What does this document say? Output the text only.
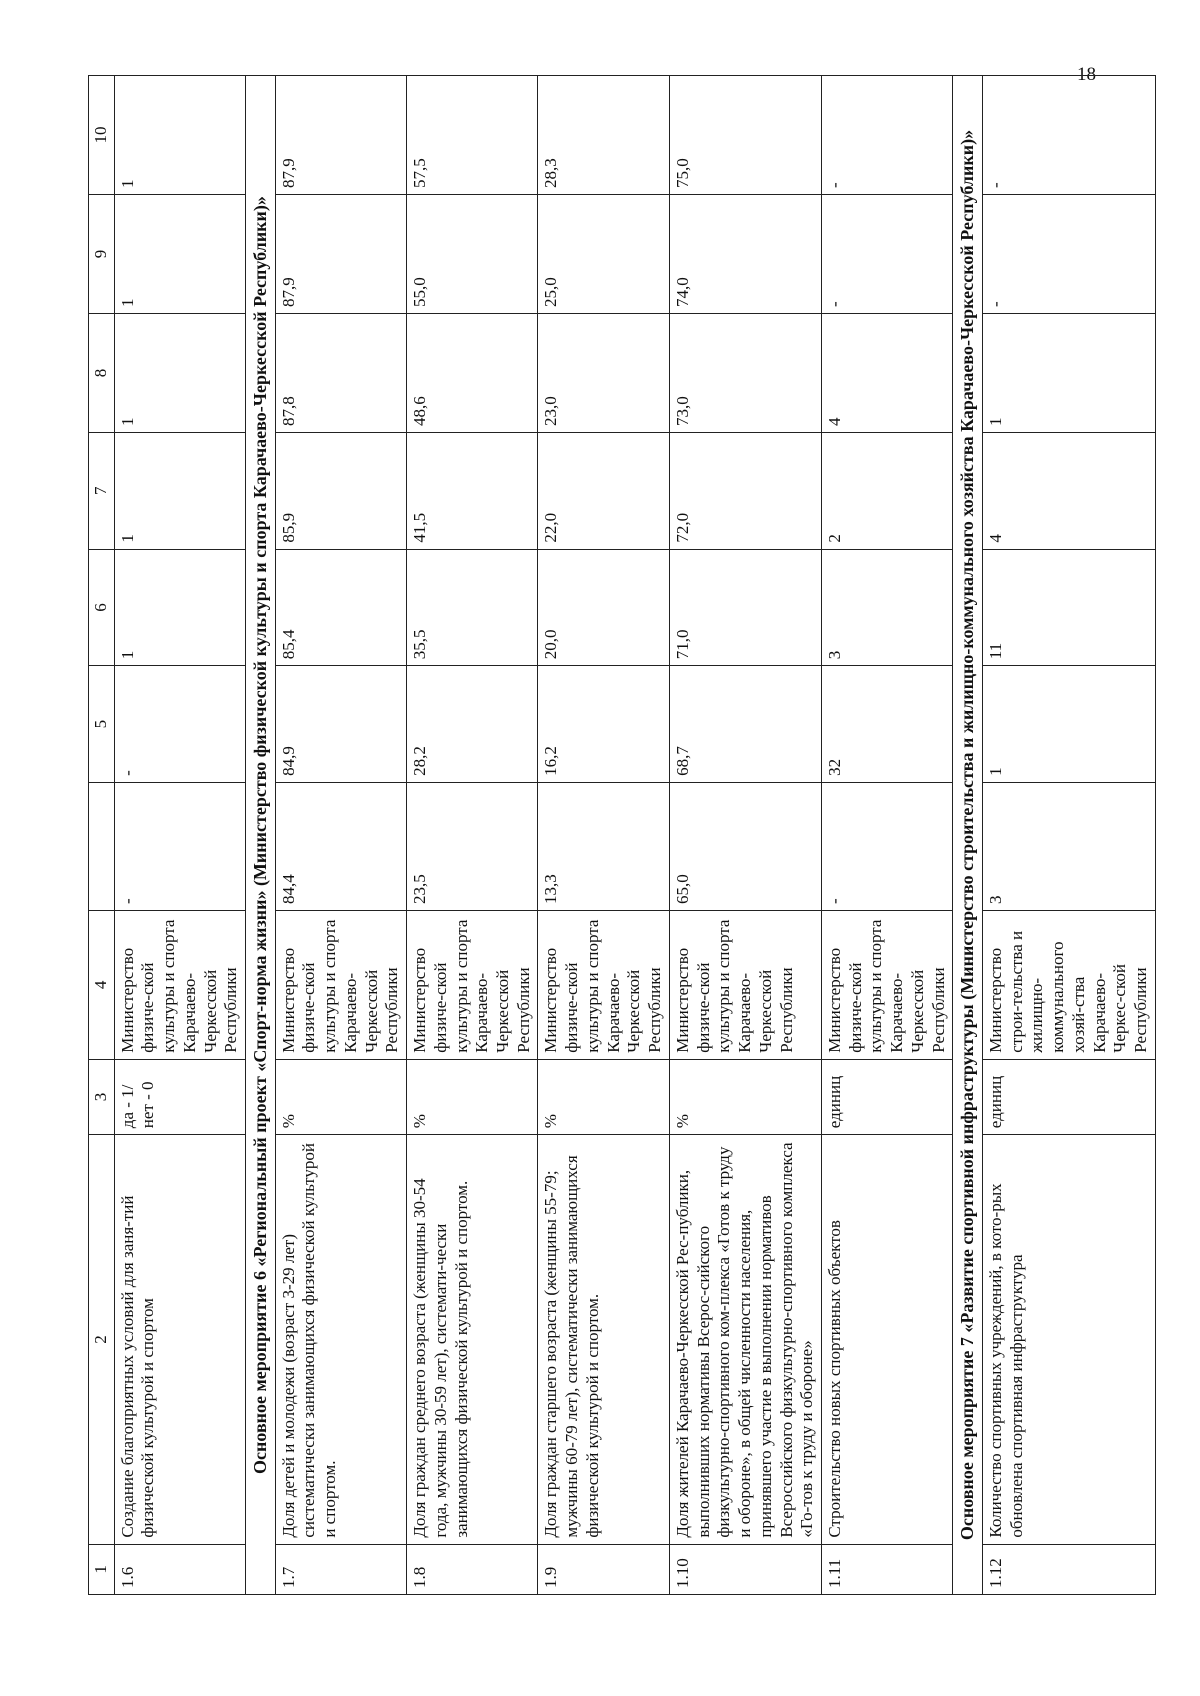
18
1	2	3	4		5	6	7	8	9	10
1.6	Создание благоприятных условий для заня-тий физической культурой и спортом	да - 1/ нет - 0	Министерство физиче-ской культуры и спорта Карачаево-Черкесской Республики	-	-	1	1	1	1	1
Основное мероприятие 6 «Региональный проект «Спорт-норма жизни» (Министерство физической культуры и спорта Карачаево-Черкесской Республики)»										
1.7	Доля детей и молодежи (возраст 3-29 лет) систематически занимающихся физической культурой и спортом.	%	Министерство физиче-ской культуры и спорта Карачаево-Черкесской Республики	84,4	84,9	85,4	85,9	87,8	87,9	87,9
1.8	Доля граждан среднего возраста (женщины 30-54 года, мужчины 30-59 лет), системати-чески занимающихся физической культурой и спортом.	%	Министерство физиче-ской культуры и спорта Карачаево-Черкесской Республики	23,5	28,2	35,5	41,5	48,6	55,0	57,5
1.9	Доля граждан старшего возраста (женщины 55-79; мужчины 60-79 лет), систематически занимающихся физической культурой и спортом.	%	Министерство физиче-ской культуры и спорта Карачаево-Черкесской Республики	13,3	16,2	20,0	22,0	23,0	25,0	28,3
1.10	Доля жителей Карачаево-Черкесской Рес-публики, выполнивших нормативы Всерос-сийского физкультурно-спортивного ком-плекса «Готов к труду и обороне», в общей численности населения, принявшего участие в выполнении нормативов Всероссийского физкультурно-спортивного комплекса «Го-тов к труду и обороне»	%	Министерство физиче-ской культуры и спорта Карачаево-Черкесской Республики	65,0	68,7	71,0	72,0	73,0	74,0	75,0
1.11	Строительство новых спортивных объектов	единиц	Министерство физиче-ской культуры и спорта Карачаево-Черкесской Республики	-	32	3	2	4	-	-
Основное мероприятие 7 «Развитие спортивной инфраструктуры (Министерство строительства и жилищно-коммунального хозяйства Карачаево-Черкесской Республики)»										
1.12	Количество спортивных учреждений, в кото-рых обновлена спортивная инфраструктура	единиц	Министерство строи-тельства и жилищно-коммунального хозяй-ства Карачаево-Черкес-ской Республики	3	1	11	4	1	-	-
